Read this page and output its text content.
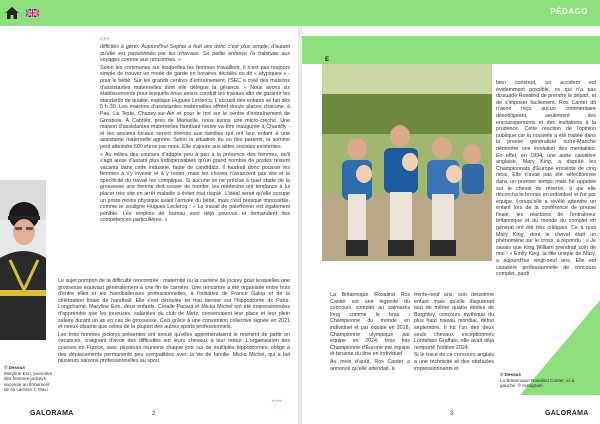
PÉDAGO
•••

difficiles à gérer. Aujourd'hui Sophie a huit ans donc c'est plus simple, d'autant qu'elle est passionnée par les chevaux. Sa petite enfance l'a habituée aux voyages comme aux rencontres. »

Selon les communes sur lesquelles les femmes travaillent, il n'est pas toujours simple de trouver un mode de garde en horaires décalés ou dit « atypiques » - pour le bébé. Sur les grands centres d'entraînement, l'SEC a créé des maisons d'assistantes maternelles dont elle délègue la gérance. « Nous avons six établissements pour lesquels nous avons conduit les travaux afin de garantir les standards de qualité, explique Hugues Leclercq. L'accueil des enfants se fait dès 5 h 30. Les maisons d'assistantes maternelles offrent douze places chacune, à Pau, La Teste, Chazey-sur-Ain et pour le trot sur le centre d'entraînement de Grosbois. À Cabriès, près de Marseille, nous avons une micro-crèche. Une maison d'assistantes maternelles flambant neuve va être inaugurée à Chantilly - et les anciens locaux seront donnés aux familles qui ont leur enfant à une assistante maternelle agréée. Selon la situation du ou des parents, la somme peut atteindre 600 euros par mois. Elle s'ajoute aux aides sociales existantes.

« Au milieu des courses d'adapte peu à peu à la présence des femmes, qu'il s'agit aussi d'autant plus indispensables qu'un grand nombre de postes restent vacants dans cette industrie, faute de candidats. Il faudrait donc pousser les femmes à s'y investir et à y rester, mais les choses n'avancent pas vite et la spécificité du travail les complique. Si aucune loi ne précise à quel stade de la grossesse une femme doit cesser de monter, les médecins ont tendance à lui placer très vite en arrêt maladie à éviter tout risque. L'idéal serait qu'elle occupe un poste moins physique avant l'arrivée du bébé, mais c'est presque impossible, comme le souligne Hugues Leclercq : « Le travail de palefrenier est également pénible. Les emplois de bureau sont déjà pourvus et demandent des compétences particulières. »

© Dessus
Maryline Eon, pionnière des femmes-jockeys enceinte au firmament de sa carrière © Maxi

Le sujet pompon de la difficulté rencontrée : maternité ou la carrière de jockey pour lesquelles une grossesse équivaut généralement à une fin de carrière. Une rencontre a été organisée entre trois d'entre elles et les handballeuses professionnelles, à l'initiative de France Galop et de la célébration finale de handball. Elle s'est déroulée en mai dernier sur l'hippodrome de Paris-Longchamp. Maryline Eon, deux enfants, Coralie Pacaut et Micka Michel ont été impressionnées d'apprendre que les joueuses, salariées du club de Metz, conservaient leur place et leur plein salaire durant un an en cas de grossesse. Ceci grâce à une convention collective signée en 2021 et mieux-disante que celles de la plupart des autres sports professionnels.

Les trois femmes jockeys présentes ont avoué qu'elles appréhendaient le moment de partir en vacances, craignant d'avoir des difficultés sur leurs chevaux à leur retour. L'organisation des courses en France, avec plusieurs réunions chaque jour sur de multiples hippodromes, oblige à des déplacements permanents peu compatibles avec la vie de famille. Micka Michel, qui a fait plusieurs saisons professionnelles au sport.

•••
GALORAMA	2
E

bien construit, un accident est évidemment possible, ce qui n'a pas dissuadé Rosalind de prendre le départ, et de s'imposer facilement. Ros Canter dit n'avoir reçu aucun commentaire désobligeant, seulement des encouragements et des invitations à la prudence. Cette réaction de l'opinion publique car la nouvelle a été traitée dans la presse généraliste outre-Manche démontre une évolution des mentalités. En effet, en 1994, une autre cavalière anglaise, Mary King, a disputé les Championnats d'Europe enceinte de cinq mois. Elle n'avait pas été sélectionnée dans un premier temps mais fut appelée sur le cheval de réserve, à qui elle décrocha le bronze en individuel et l'or par équipe. Lorsqu'elle a révélé attendre un enfant lors de la conférence de presse finale, les réactions de l'entraîneur britannique et du monde du complet en général ont été très critiques. Ce à quoi Mary King, dont le cheval était un phénomène sur le cross, a répondu : « Je savais que King William prendrait soin de moi ! » Emily King, la fille unique de Mary, a aujourd'hui vingt-neuf ans. Elle est cavalière professionnelle de concours complet, pardi

La Britannique Rosalind Ros Canter est une légende du concours complet au palmarès long comme le bras : Championne du monde en individuel et par équipe en 2018, Championne olympique par équipe en 2024, trois fois Championne d'Europe par équipe et tenante du titre en individuel.

Au mois d'août, Ros Canter a annoncé qu'elle attendait, à

trente-neuf ans, son deuxième enfant mais qu'elle disputerait tout de même quatre étoiles de Burghley, concours mythique du plus haut niveau mondial, début septembre. Il fut l'un des deux seuls chevaux exceptionnels Lordships Graffalo, elle avait déjà remporté l'édition 2024.

Si le tracé de ce concours anglais a une technicité et des obstacles impressionnants et

© Dessus
La Britannique Rosalind Canter, ici à gauche. © Instagram
3	GALORAMA
